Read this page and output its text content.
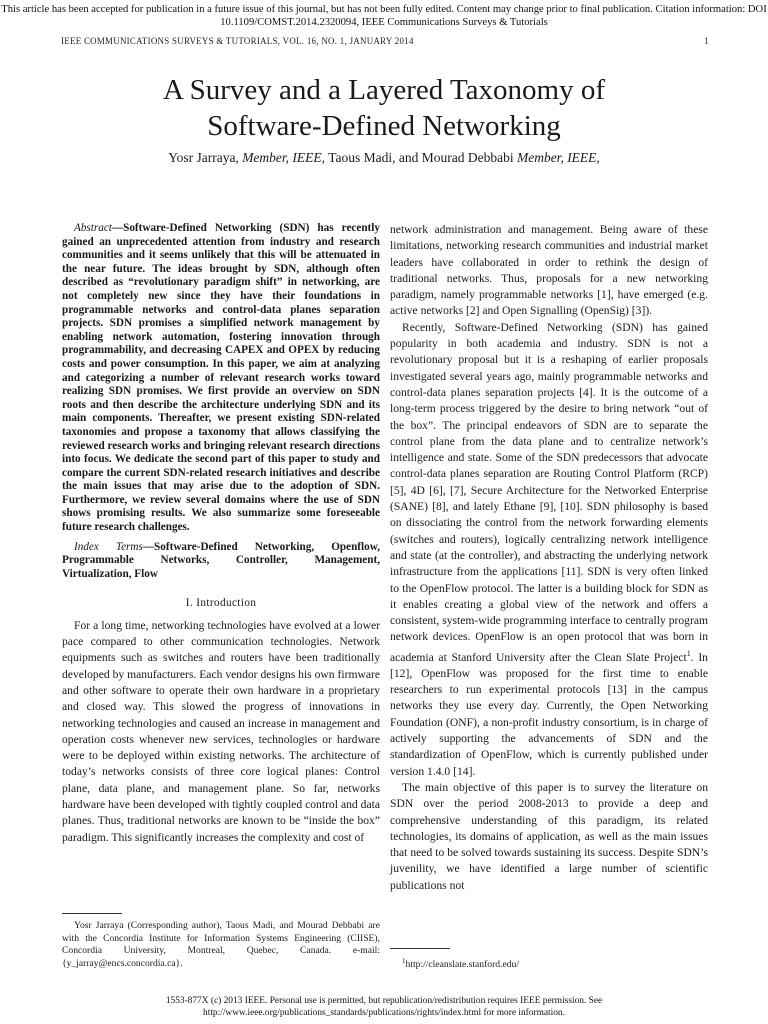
This article has been accepted for publication in a future issue of this journal, but has not been fully edited. Content may change prior to final publication. Citation information: DOI
10.1109/COMST.2014.2320094, IEEE Communications Surveys & Tutorials
IEEE COMMUNICATIONS SURVEYS & TUTORIALS, VOL. 16, NO. 1, JANUARY 2014	1
A Survey and a Layered Taxonomy of
Software-Defined Networking
Yosr Jarraya, Member, IEEE, Taous Madi, and Mourad Debbabi Member, IEEE,

Abstract—Software-Defined Networking (SDN) has recently gained an unprecedented attention from industry and research communities and it seems unlikely that this will be attenuated in the near future. The ideas brought by SDN, although often described as “revolutionary paradigm shift” in networking, are not completely new since they have their foundations in programmable networks and control-data planes separation projects. SDN promises a simplified network management by enabling network automation, fostering innovation through programmability, and decreasing CAPEX and OPEX by reducing costs and power consumption. In this paper, we aim at analyzing and categorizing a number of relevant research works toward realizing SDN promises. We first provide an overview on SDN roots and then describe the architecture underlying SDN and its main components. Thereafter, we present existing SDN-related taxonomies and propose a taxonomy that allows classifying the reviewed research works and bringing relevant research directions into focus. We dedicate the second part of this paper to study and compare the current SDN-related research initiatives and describe the main issues that may arise due to the adoption of SDN. Furthermore, we review several domains where the use of SDN shows promising results. We also summarize some foreseeable future research challenges.

Index Terms—Software-Defined Networking, Openflow, Programmable Networks, Controller, Management, Virtualization, Flow

I. Introduction

For a long time, networking technologies have evolved at a lower pace compared to other communication technologies. Network equipments such as switches and routers have been traditionally developed by manufacturers. Each vendor designs his own firmware and other software to operate their own hardware in a proprietary and closed way. This slowed the progress of innovations in networking technologies and caused an increase in management and operation costs whenever new services, technologies or hardware were to be deployed within existing networks. The architecture of today’s networks consists of three core logical planes: Control plane, data plane, and management plane. So far, networks hardware have been developed with tightly coupled control and data planes. Thus, traditional networks are known to be “inside the box” paradigm. This significantly increases the complexity and cost of

Yosr Jarraya (Corresponding author), Taous Madi, and Mourad Debbabi are with the Concordia Institute for Information Systems Engineering (CIISE), Concordia University, Montreal, Quebec, Canada. e-mail: {y_jarray@encs.concordia.ca}.

network administration and management. Being aware of these limitations, networking research communities and industrial market leaders have collaborated in order to rethink the design of traditional networks. Thus, proposals for a new networking paradigm, namely programmable networks [1], have emerged (e.g. active networks [2] and Open Signalling (OpenSig) [3]).

Recently, Software-Defined Networking (SDN) has gained popularity in both academia and industry. SDN is not a revolutionary proposal but it is a reshaping of earlier proposals investigated several years ago, mainly programmable networks and control-data planes separation projects [4]. It is the outcome of a long-term process triggered by the desire to bring network “out of the box”. The principal endeavors of SDN are to separate the control plane from the data plane and to centralize network’s intelligence and state. Some of the SDN predecessors that advocate control-data planes separation are Routing Control Platform (RCP) [5], 4D [6], [7], Secure Architecture for the Networked Enterprise (SANE) [8], and lately Ethane [9], [10]. SDN philosophy is based on dissociating the control from the network forwarding elements (switches and routers), logically centralizing network intelligence and state (at the controller), and abstracting the underlying network infrastructure from the applications [11]. SDN is very often linked to the OpenFlow protocol. The latter is a building block for SDN as it enables creating a global view of the network and offers a consistent, system-wide programming interface to centrally program network devices. OpenFlow is an open protocol that was born in academia at Stanford University after the Clean Slate Project$^1$. In [12], OpenFlow was proposed for the first time to enable researchers to run experimental protocols [13] in the campus networks they use every day. Currently, the Open Networking Foundation (ONF), a non-profit industry consortium, is in charge of actively supporting the advancements of SDN and the standardization of OpenFlow, which is currently published under version 1.4.0 [14].

The main objective of this paper is to survey the literature on SDN over the period 2008-2013 to provide a deep and comprehensive understanding of this paradigm, its related technologies, its domains of application, as well as the main issues that need to be solved towards sustaining its success. Despite SDN’s juvenility, we have identified a large number of scientific publications not

$^1$http://cleanslate.stanford.edu/
1553-877X (c) 2013 IEEE. Personal use is permitted, but republication/redistribution requires IEEE permission. See
http://www.ieee.org/publications_standards/publications/rights/index.html for more information.
